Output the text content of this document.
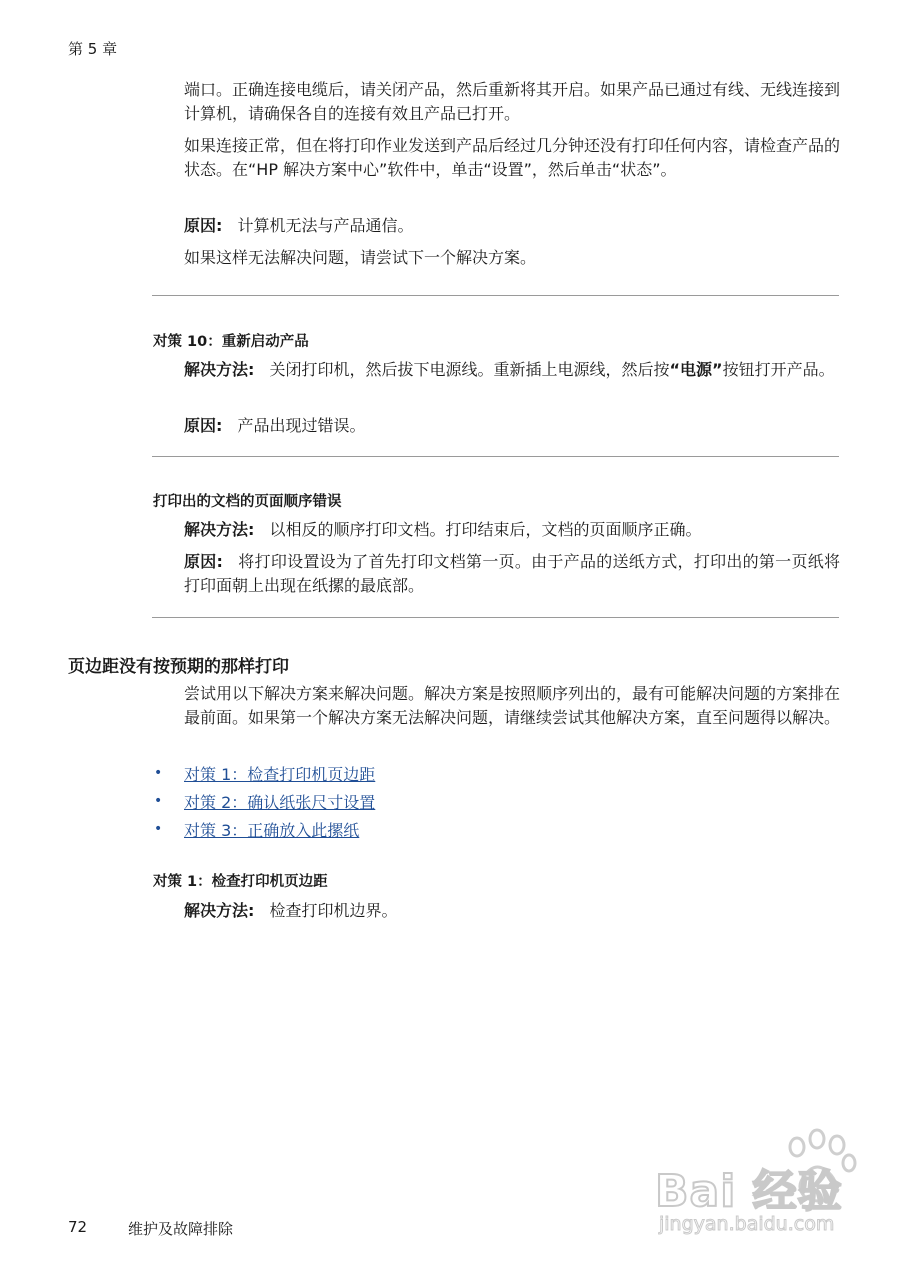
第 5 章
端口。正确连接电缆后，请关闭产品，然后重新将其开启。如果产品已通过有线、无线连接到计算机，请确保各自的连接有效且产品已打开。
如果连接正常，但在将打印作业发送到产品后经过几分钟还没有打印任何内容，请检查产品的状态。在“HP 解决方案中心”软件中，单击“设置”，然后单击“状态”。
原因: 计算机无法与产品通信。
如果这样无法解决问题，请尝试下一个解决方案。
对策 10：重新启动产品
解决方法: 关闭打印机，然后拔下电源线。重新插上电源线，然后按“电源”按钮打开产品。
原因: 产品出现过错误。
打印出的文档的页面顺序错误
解决方法: 以相反的顺序打印文档。打印结束后，文档的页面顺序正确。
原因: 将打印设置设为了首先打印文档第一页。由于产品的送纸方式，打印出的第一页纸将打印面朝上出现在纸摞的最底部。
页边距没有按预期的那样打印
尝试用以下解决方案来解决问题。解决方案是按照顺序列出的，最有可能解决问题的方案排在最前面。如果第一个解决方案无法解决问题，请继续尝试其他解决方案，直至问题得以解决。
• 对策 1：检查打印机页边距
• 对策 2：确认纸张尺寸设置
• 对策 3：正确放入此摞纸
对策 1：检查打印机页边距
解决方法: 检查打印机边界。
Bai 经验
jingyan.baidu.com
72	维护及故障排除
